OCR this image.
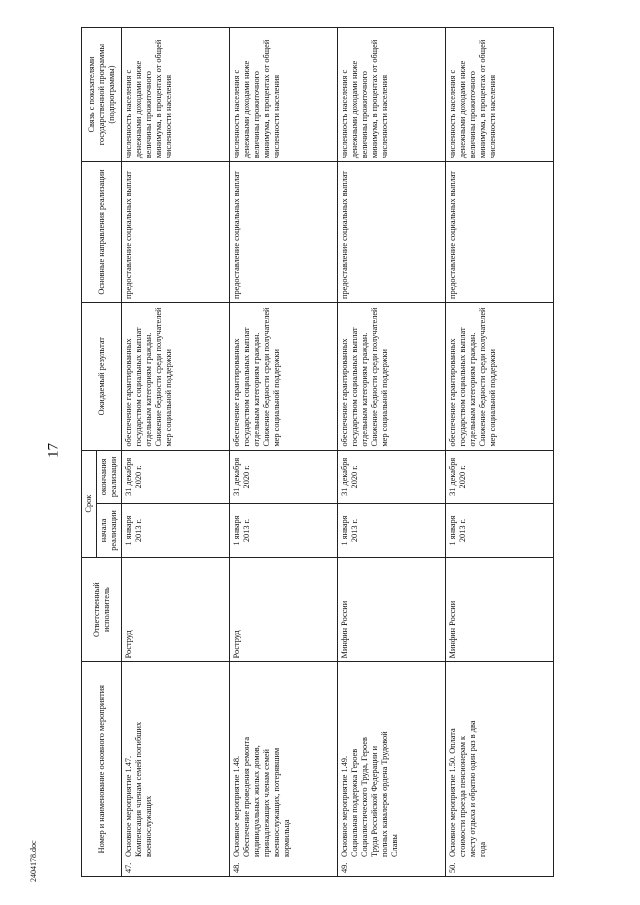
17
2404178.doc
Номер и наименование основного мероприятия	Ответственный исполнитель	Срок		Ожидаемый результат	Основные направления реализации	Связь с показателями государственной программы (подпрограммы)
		начала реализации	окончания реализации			
47.Основное мероприятие 1.47. Компенсация членам семей погибших военнослужащих	Роструд	1 января 2013 г.	31 декабря 2020 г.	обеспечение гарантированных государством социальных выплат отдельным категориям граждан. Снижение бедности среди получателей мер социальной поддержки	предоставление социальных выплат	численность населения с денежными доходами ниже величины прожиточного минимума, в процентах от общей численности населения
48.Основное мероприятие 1.48. Обеспечение проведения ремонта индивидуальных жилых домов, принадлежащих членам семей военнослужащих, потерявшим кормильца	Роструд	1 января 2013 г.	31 декабря 2020 г.	обеспечение гарантированных государством социальных выплат отдельным категориям граждан. Снижение бедности среди получателей мер социальной поддержки	предоставление социальных выплат	численность населения с денежными доходами ниже величины прожиточного минимума, в процентах от общей численности населения
49.Основное мероприятие 1.49. Социальная поддержка Героев Социалистического Труда, Героев Труда Российской Федерации и полных кавалеров ордена Трудовой Славы	Минфин России	1 января 2013 г.	31 декабря 2020 г.	обеспечение гарантированных государством социальных выплат отдельным категориям граждан. Снижение бедности среди получателей мер социальной поддержки	предоставление социальных выплат	численность населения с денежными доходами ниже величины прожиточного минимума, в процентах от общей численности населения
50.Основное мероприятие 1.50. Оплата стоимости проезда пенсионерам к месту отдыха и обратно один раз в два года	Минфин России	1 января 2013 г.	31 декабря 2020 г.	обеспечение гарантированных государством социальных выплат отдельным категориям граждан. Снижение бедности среди получателей мер социальной поддержки	предоставление социальных выплат	численность населения с денежными доходами ниже величины прожиточного минимума, в процентах от общей численности населения
